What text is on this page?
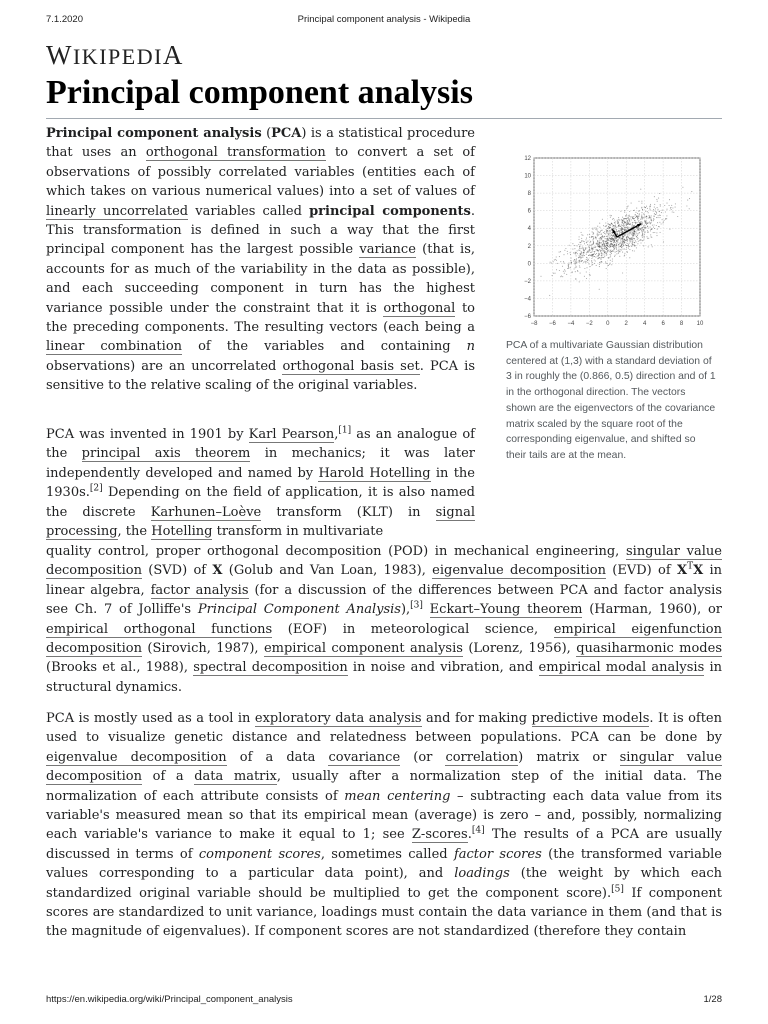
7.1.2020	Principal component analysis - Wikipedia
WIKIPEDIA
Principal component analysis

Principal component analysis (PCA) is a statistical procedure that uses an orthogonal transformation to convert a set of observations of possibly correlated variables (entities each of which takes on various numerical values) into a set of values of linearly uncorrelated variables called principal components. This transformation is defined in such a way that the first principal component has the largest possible variance (that is, accounts for as much of the variability in the data as possible), and each succeeding component in turn has the highest variance possible under the constraint that it is orthogonal to the preceding components. The resulting vectors (each being a linear combination of the variables and containing n observations) are an uncorrelated orthogonal basis set. PCA is sensitive to the relative scaling of the original variables.

−8 −6 −4 −2 0	2	4	6	8 10
12
10
8
6
4
2
0
−2
−4
−6

PCA of a multivariate Gaussian distribution centered at (1,3) with a standard deviation of 3 in roughly the (0.866, 0.5) direction and of 1 in the orthogonal direction. The vectors shown are the eigenvectors of the covariance matrix scaled by the square root of the corresponding eigenvalue, and shifted so their tails are at the mean.

PCA was invented in 1901 by Karl Pearson,[1] as an analogue of the principal axis theorem in mechanics; it was later independently developed and named by Harold Hotelling in the 1930s.[2] Depending on the field of application, it is also named the discrete Karhunen–Loève transform (KLT) in signal processing, the Hotelling transform in multivariate

quality control, proper orthogonal decomposition (POD) in mechanical engineering, singular value decomposition (SVD) of X (Golub and Van Loan, 1983), eigenvalue decomposition (EVD) of $X^TX$ in linear algebra, factor analysis (for a discussion of the differences between PCA and factor analysis see Ch. 7 of Jolliffe's Principal Component Analysis),[3] Eckart–Young theorem (Harman, 1960), or empirical orthogonal functions (EOF) in meteorological science, empirical eigenfunction decomposition (Sirovich, 1987), empirical component analysis (Lorenz, 1956), quasiharmonic modes (Brooks et al., 1988), spectral decomposition in noise and vibration, and empirical modal analysis in structural dynamics.

PCA is mostly used as a tool in exploratory data analysis and for making predictive models. It is often used to visualize genetic distance and relatedness between populations. PCA can be done by eigenvalue decomposition of a data covariance (or correlation) matrix or singular value decomposition of a data matrix, usually after a normalization step of the initial data. The normalization of each attribute consists of mean centering – subtracting each data value from its variable's measured mean so that its empirical mean (average) is zero – and, possibly, normalizing each variable's variance to make it equal to 1; see Z-scores.[4] The results of a PCA are usually discussed in terms of component scores, sometimes called factor scores (the transformed variable values corresponding to a particular data point), and loadings (the weight by which each standardized original variable should be multiplied to get the component score).[5] If component scores are standardized to unit variance, loadings must contain the data variance in them (and that is the magnitude of eigenvalues). If component scores are not standardized (therefore they contain

https://en.wikipedia.org/wiki/Principal_component_analysis	1/28
